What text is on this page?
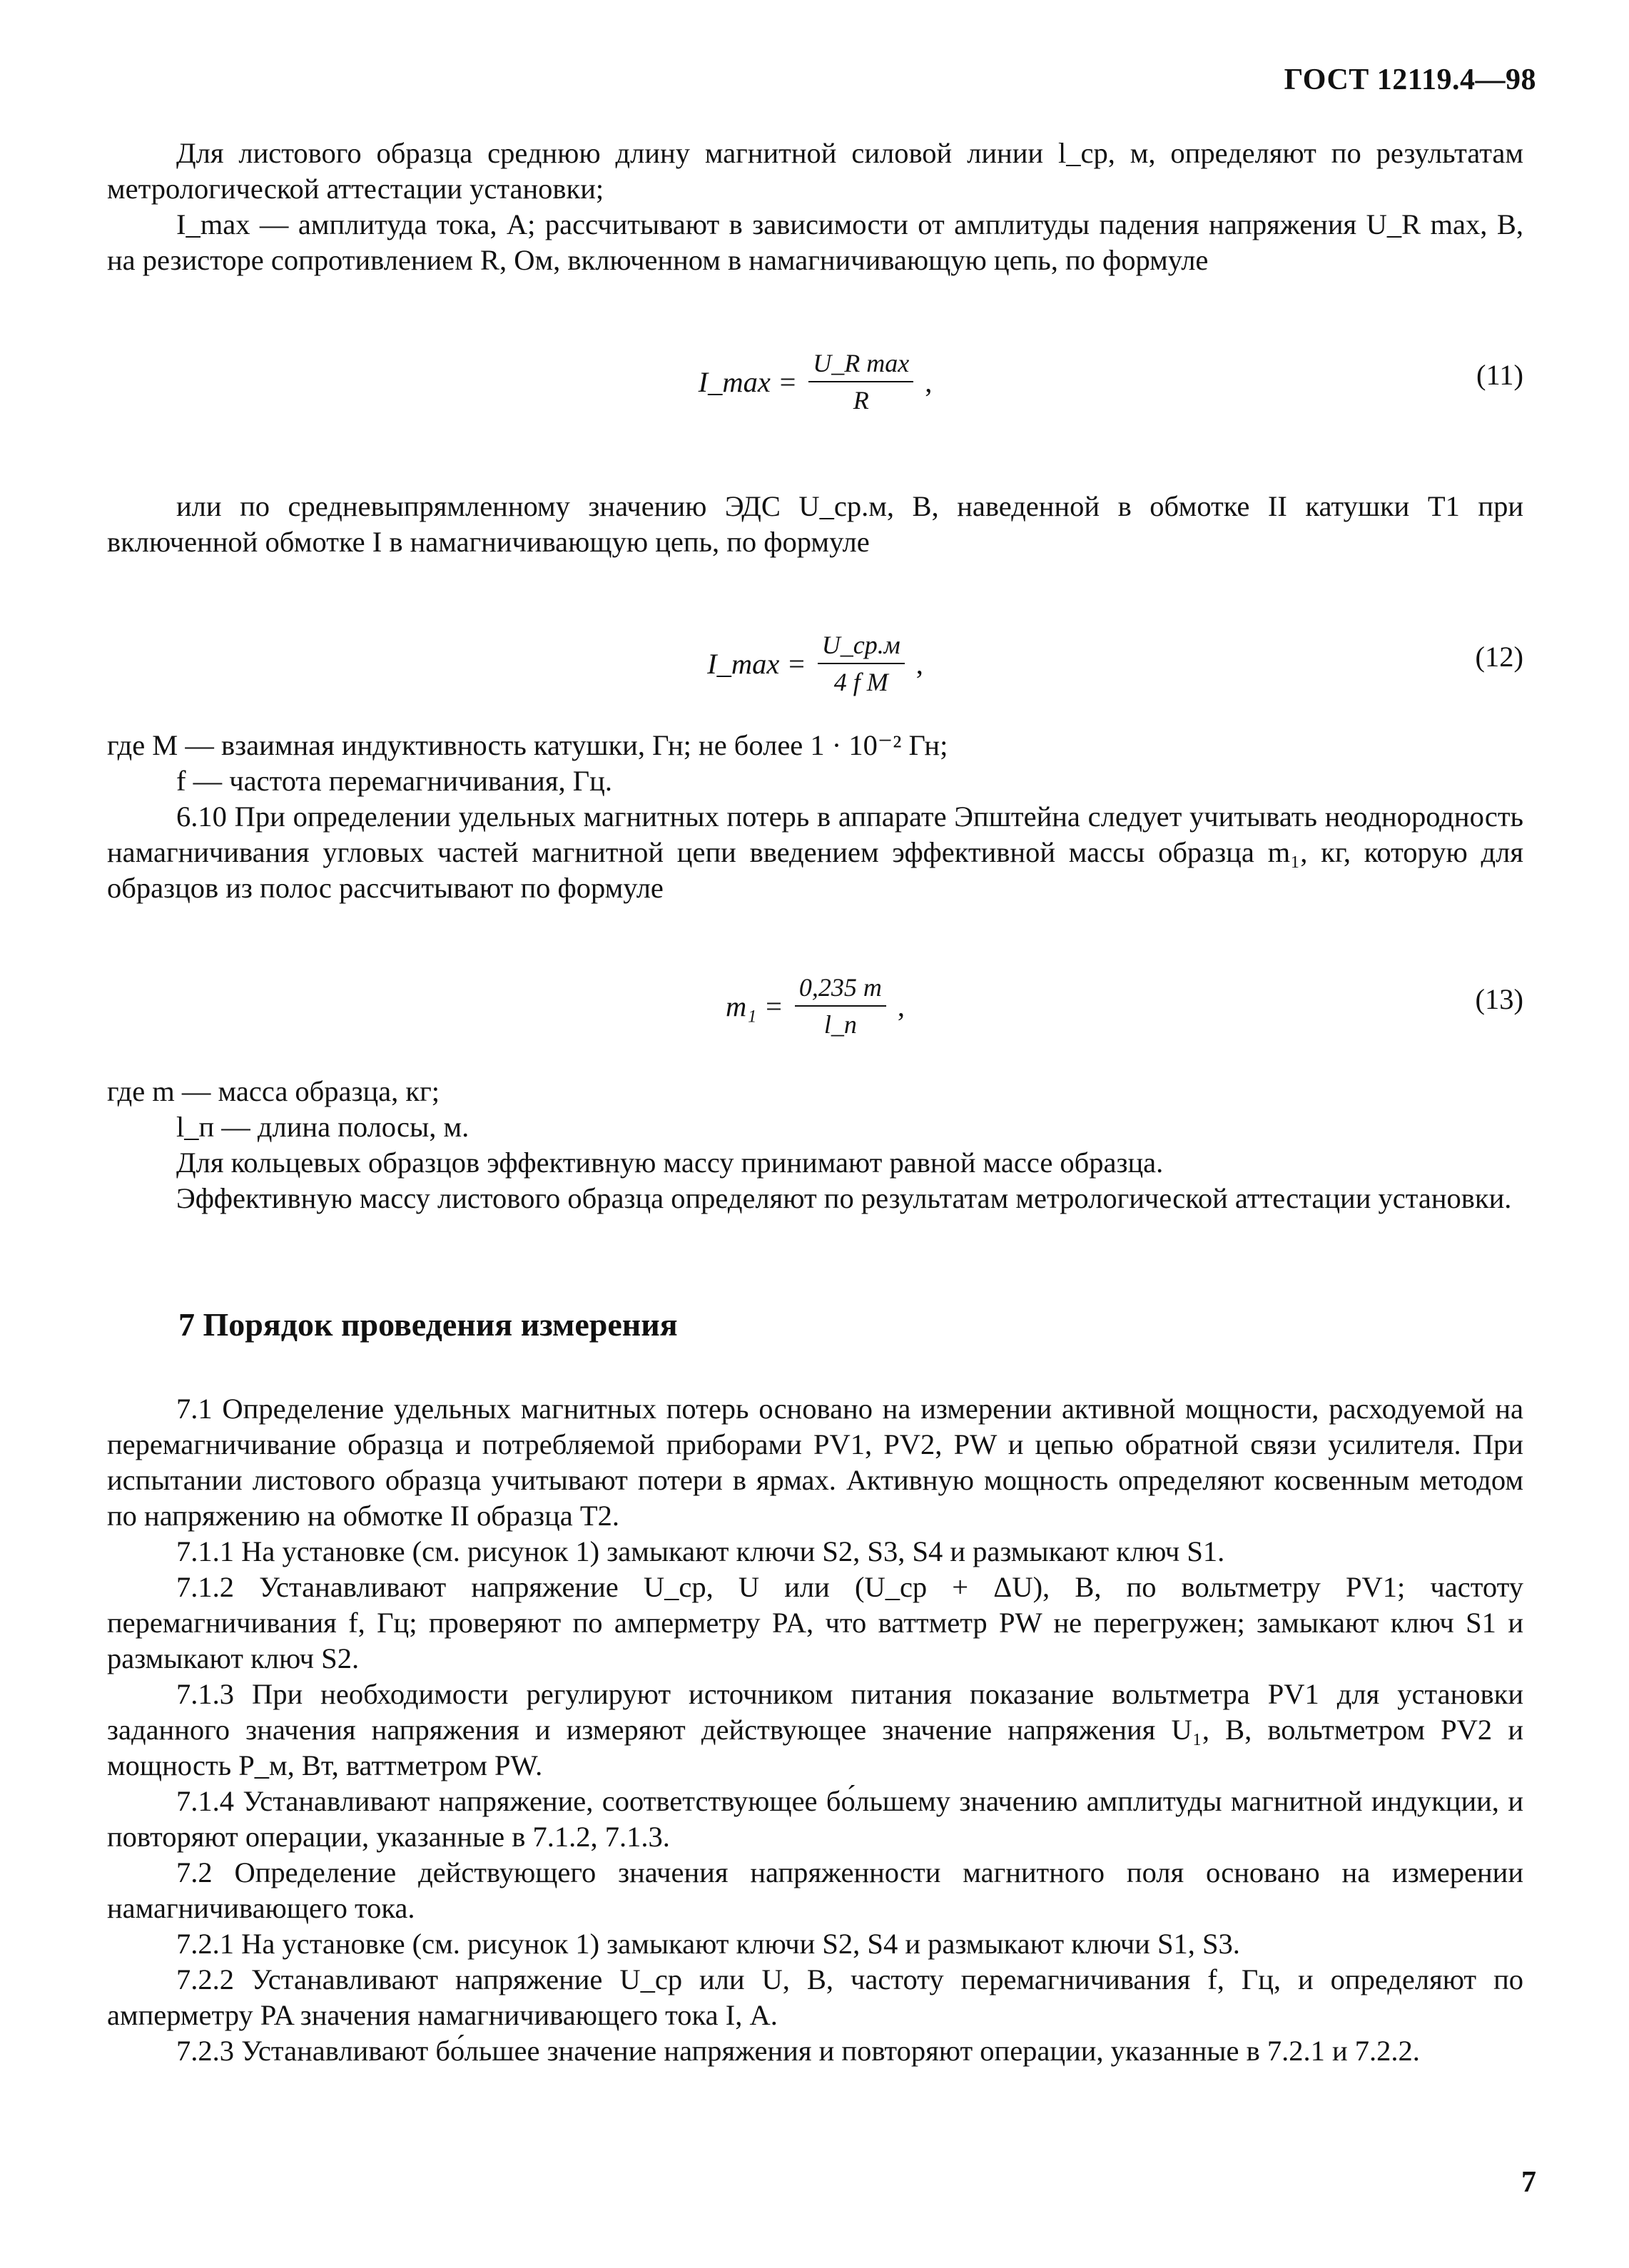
ГОСТ 12119.4—98

Для листового образца среднюю длину магнитной силовой линии l_ср, м, определяют по результатам метрологической аттестации установки;

I_max — амплитуда тока, А; рассчитывают в зависимости от амплитуды падения напряжения U_R max, В, на резисторе сопротивлением R, Ом, включенном в намагничивающую цепь, по формуле

I_max = $\frac{\text{U\_R max}}{R}$ ,	(11)

или по средневыпрямленному значению ЭДС U_ср.м, В, наведенной в обмотке II катушки T1 при включенной обмотке I в намагничивающую цепь, по формуле

I_max = $\frac{U\_ср.м}{\text{4 f M}}$ ,	(12)

где M — взаимная индуктивность катушки, Гн; не более 1 · 10⁻² Гн;

f — частота перемагничивания, Гц.

6.10 При определении удельных магнитных потерь в аппарате Эпштейна следует учитывать неоднородность намагничивания угловых частей магнитной цепи введением эффективной массы образца m₁, кг, которую для образцов из полос рассчитывают по формуле

$m_1 = \frac{0,235 m}{l\_п}$ ,	(13)

где m — масса образца, кг;

l_п — длина полосы, м.

Для кольцевых образцов эффективную массу принимают равной массе образца.

Эффективную массу листового образца определяют по результатам метрологической аттестации установки.

7 Порядок проведения измерения

7.1 Определение удельных магнитных потерь основано на измерении активной мощности, расходуемой на перемагничивание образца и потребляемой приборами PV1, PV2, PW и цепью обратной связи усилителя. При испытании листового образца учитывают потери в ярмах. Активную мощность определяют косвенным методом по напряжению на обмотке II образца T2.

7.1.1 На установке (см. рисунок 1) замыкают ключи S2, S3, S4 и размыкают ключ S1.

7.1.2 Устанавливают напряжение U_ср, U или (U_ср + ΔU), В, по вольтметру PV1; частоту перемагничивания f, Гц; проверяют по амперметру PA, что ваттметр PW не перегружен; замыкают ключ S1 и размыкают ключ S2.

7.1.3 При необходимости регулируют источником питания показание вольтметра PV1 для установки заданного значения напряжения и измеряют действующее значение напряжения U₁, В, вольтметром PV2 и мощность P_м, Вт, ваттметром PW.

7.1.4 Устанавливают напряжение, соответствующее бо́льшему значению амплитуды магнитной индукции, и повторяют операции, указанные в 7.1.2, 7.1.3.

7.2 Определение действующего значения напряженности магнитного поля основано на измерении намагничивающего тока.

7.2.1 На установке (см. рисунок 1) замыкают ключи S2, S4 и размыкают ключи S1, S3.

7.2.2 Устанавливают напряжение U_ср или U, В, частоту перемагничивания f, Гц, и определяют по амперметру PA значения намагничивающего тока I, А.

7.2.3 Устанавливают бо́льшее значение напряжения и повторяют операции, указанные в 7.2.1 и 7.2.2.

7
